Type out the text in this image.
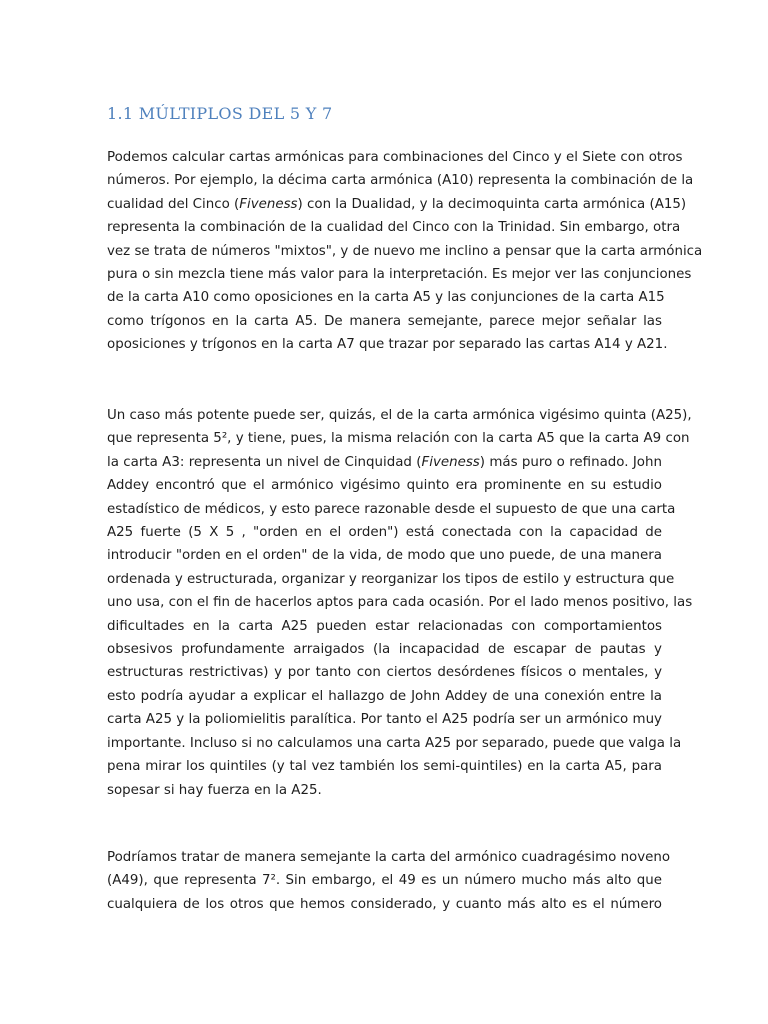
1.1 MÚLTIPLOS DEL 5 Y 7

Podemos calcular cartas armónicas para combinaciones del Cinco y el Siete con otros
números. Por ejemplo, la décima carta armónica (A10) representa la combinación de la
cualidad del Cinco (Fiveness) con la Dualidad, y la decimoquinta carta armónica (A15)
representa la combinación de la cualidad del Cinco con la Trinidad. Sin embargo, otra
vez se trata de números "mixtos", y de nuevo me inclino a pensar que la carta armónica
pura o sin mezcla tiene más valor para la interpretación. Es mejor ver las conjunciones
de la carta A10 como oposiciones en la carta A5 y las conjunciones de la carta A15
como trígonos en la carta A5. De manera semejante, parece mejor señalar las
oposiciones y trígonos en la carta A7 que trazar por separado las cartas A14 y A21.

Un caso más potente puede ser, quizás, el de la carta armónica vigésimo quinta (A25),
que representa 5², y tiene, pues, la misma relación con la carta A5 que la carta A9 con
la carta A3: representa un nivel de Cinquidad (Fiveness) más puro o refinado. John
Addey encontró que el armónico vigésimo quinto era prominente en su estudio
estadístico de médicos, y esto parece razonable desde el supuesto de que una carta
A25 fuerte (5 X 5 , "orden en el orden") está conectada con la capacidad de
introducir "orden en el orden" de la vida, de modo que uno puede, de una manera
ordenada y estructurada, organizar y reorganizar los tipos de estilo y estructura que
uno usa, con el fin de hacerlos aptos para cada ocasión. Por el lado menos positivo, las
dificultades en la carta A25 pueden estar relacionadas con comportamientos
obsesivos profundamente arraigados (la incapacidad de escapar de pautas y
estructuras restrictivas) y por tanto con ciertos desórdenes físicos o mentales, y
esto podría ayudar a explicar el hallazgo de John Addey de una conexión entre la
carta A25 y la poliomielitis paralítica. Por tanto el A25 podría ser un armónico muy
importante. Incluso si no calculamos una carta A25 por separado, puede que valga la
pena mirar los quintiles (y tal vez también los semi-quintiles) en la carta A5, para
sopesar si hay fuerza en la A25.

Podríamos tratar de manera semejante la carta del armónico cuadragésimo noveno
(A49), que representa 7². Sin embargo, el 49 es un número mucho más alto que
cualquiera de los otros que hemos considerado, y cuanto más alto es el número
